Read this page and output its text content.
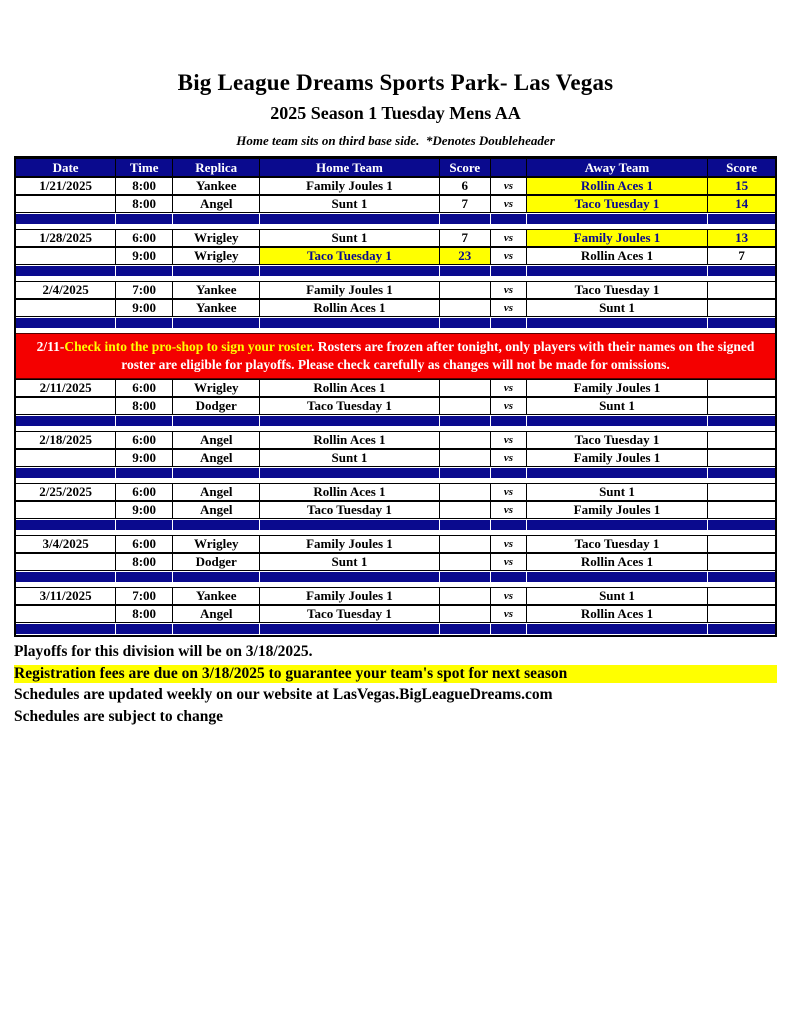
Big League Dreams Sports Park- Las Vegas
2025 Season 1 Tuesday Mens AA
Home team sits on third base side.  *Denotes Doubleheader
Date	Time	Replica	Home Team	Score	Away Team	Score
1/21/2025	8:00	Yankee	Family Joules 1	6	vs	Rollin Aces 1	15
8:00	Angel	Sunt 1	7	vs	Taco Tuesday 1	14
1/28/2025	6:00	Wrigley	Sunt 1	7	vs	Family Joules 1	13
9:00	Wrigley	Taco Tuesday 1	23	vs	Rollin Aces 1	7
2/4/2025	7:00	Yankee	Family Joules 1	vs	Taco Tuesday 1
9:00	Yankee	Rollin Aces 1	vs	Sunt 1
2/11-Check into the pro-shop to sign your roster. Rosters are frozen after tonight, only players with their names on the signed roster are eligible for playoffs. Please check carefully as changes will not be made for omissions.
2/11/2025	6:00	Wrigley	Rollin Aces 1	vs	Family Joules 1
8:00	Dodger	Taco Tuesday 1	vs	Sunt 1
2/18/2025	6:00	Angel	Rollin Aces 1	vs	Taco Tuesday 1
9:00	Angel	Sunt 1	vs	Family Joules 1
2/25/2025	6:00	Angel	Rollin Aces 1	vs	Sunt 1
9:00	Angel	Taco Tuesday 1	vs	Family Joules 1
3/4/2025	6:00	Wrigley	Family Joules 1	vs	Taco Tuesday 1
8:00	Dodger	Sunt 1	vs	Rollin Aces 1
3/11/2025	7:00	Yankee	Family Joules 1	vs	Sunt 1
8:00	Angel	Taco Tuesday 1	vs	Rollin Aces 1

Playoffs for this division will be on 3/18/2025.

Registration fees are due on 3/18/2025 to guarantee your team's spot for next season

Schedules are updated weekly on our website at LasVegas.BigLeagueDreams.com

Schedules are subject to change
